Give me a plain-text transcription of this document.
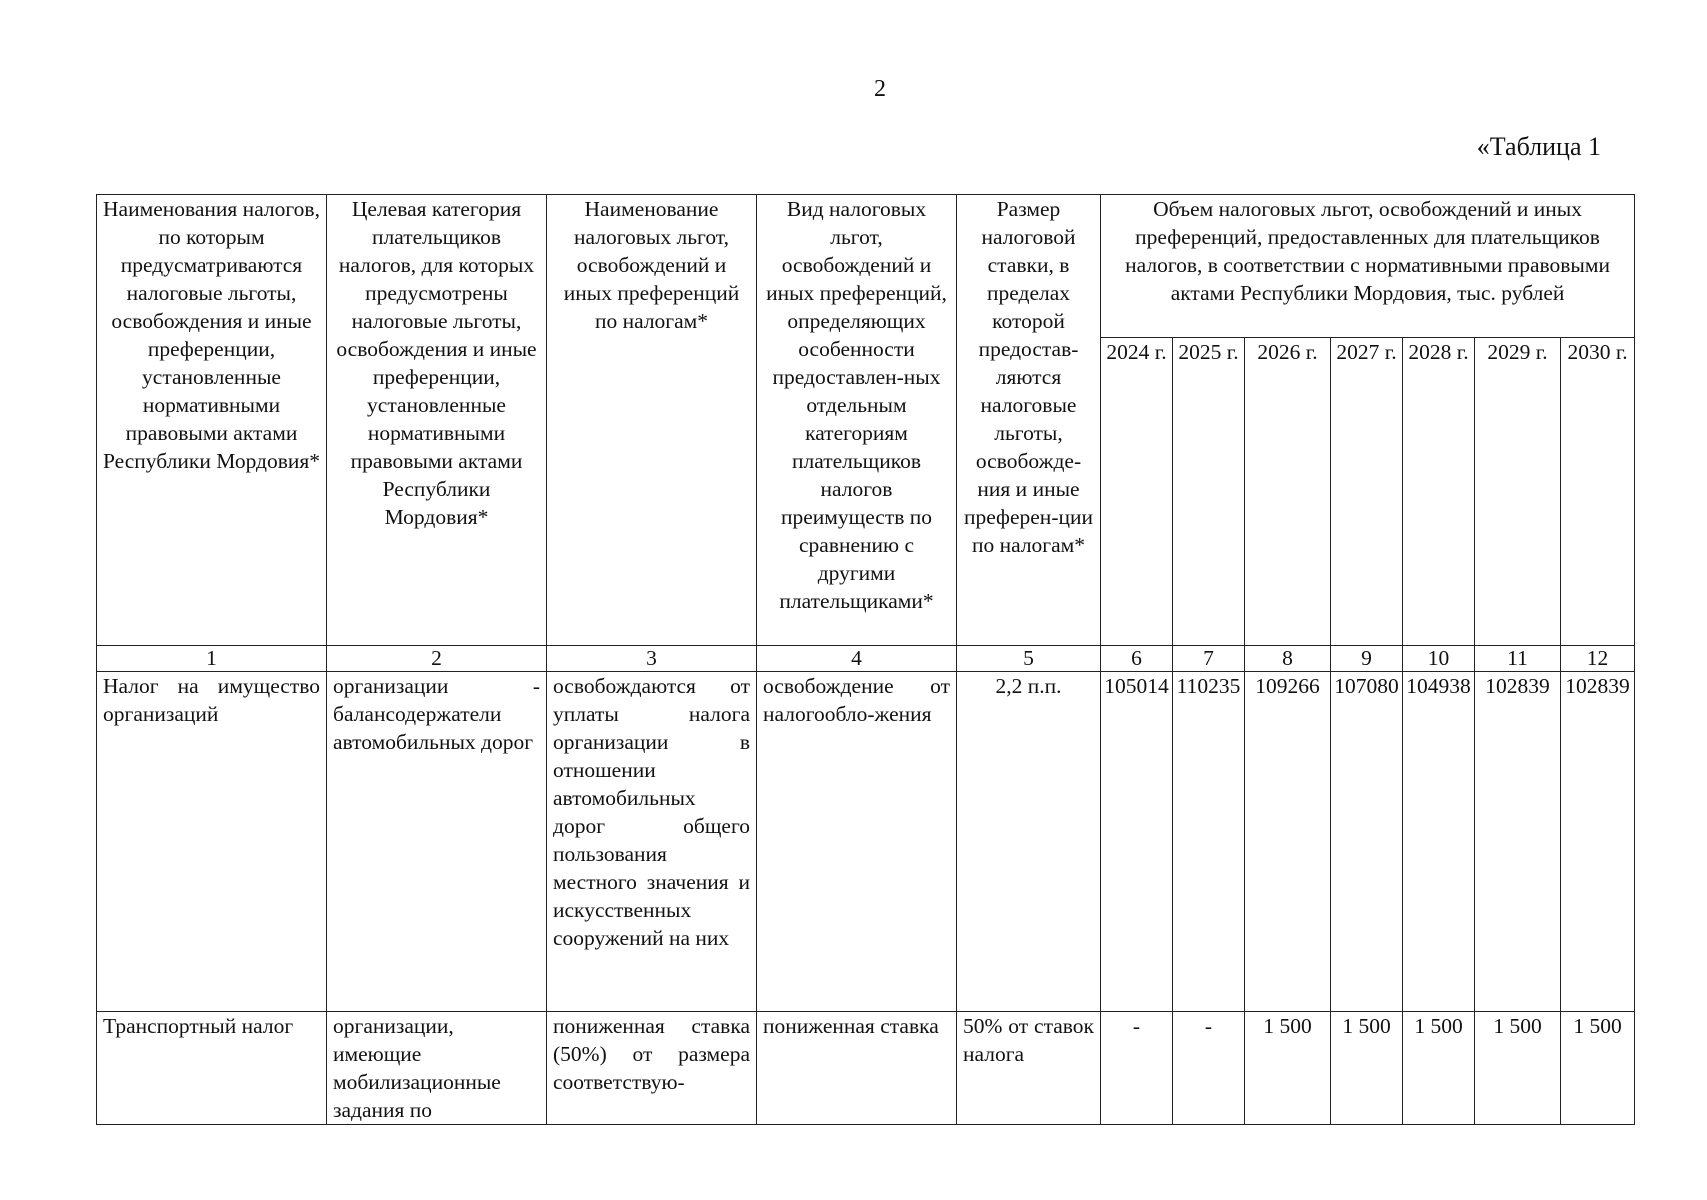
2
«Таблица 1
Наименования налогов, по которым предусматриваются налоговые льготы, освобождения и иные преференции, установленные нормативными правовыми актами Республики Мордовия*	Целевая категория плательщиков налогов, для которых предусмотрены налоговые льготы, освобождения и иные преференции, установленные нормативными правовыми актами Республики Мордовия*	Наименование налоговых льгот, освобождений и иных преференций по налогам*	Вид налоговых льгот, освобождений и иных преференций, определяющих особенности предоставлен-ных отдельным категориям плательщиков налогов преимуществ по сравнению с другими плательщиками*	Размер налоговой ставки, в пределах которой предостав-ляются налоговые льготы, освобожде-ния и иные преферен-ции по налогам*	Объем налоговых льгот, освобождений и иных преференций, предоставленных для плательщиков налогов, в соответствии с нормативными правовыми актами Республики Мордовия, тыс. рублей						
					2024 г.	2025 г.	2026 г.	2027 г.	2028 г.	2029 г.	2030 г.
1	2	3	4	5	6	7	8	9	10	11	12
Налог на имущество организаций	организации - балансодержатели автомобильных дорог	освобождаются от уплаты налога организации в отношении автомобильных дорог общего пользования местного значения и искусственных сооружений на них	освобождение от налогообло-жения	2,2 п.п.	105014	110235	109266	107080	104938	102839	102839
Транспортный налог	организации, имеющие мобилизационные задания по	пониженная ставка (50%) от размера соответствую-	пониженная ставка	50% от ставок налога	-	-	1 500	1 500	1 500	1 500	1 500
